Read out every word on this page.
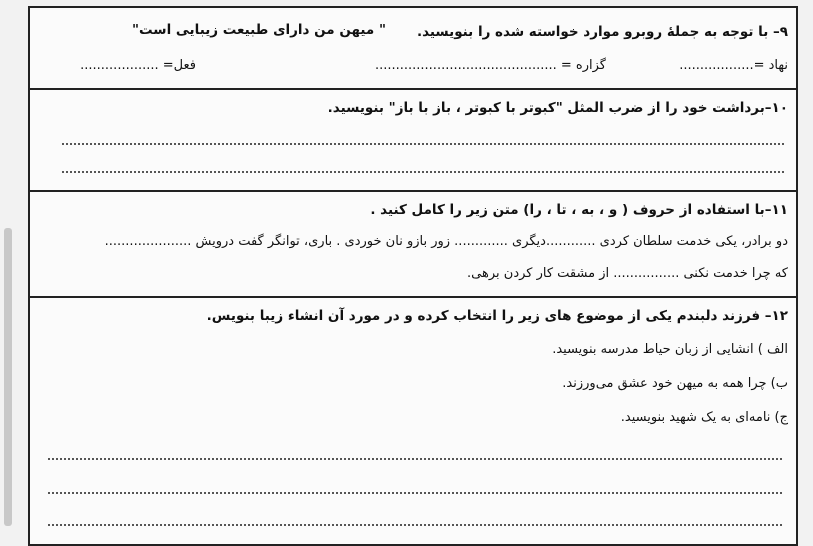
۹– با توجه به جملهٔ روبرو موارد خواسته شده را بنویسید.
" میهن من دارای طبیعت زیبایی است"
نهاد =..................
گزاره = ............................................
فعل= ...................
۱۰–برداشت خود را از ضرب المثل "کبوتر با کبوتر ، باز با باز" بنویسید.
۱۱–با استفاده از حروف ( و ، به ، تا ، را) متن زیر را کامل کنید .
دو برادر، یکی خدمت سلطان کردی ............دیگری ............. زور بازو نان خوردی . باری، توانگر گفت درویش .....................
که چرا خدمت نکنی ................ از مشقت کار کردن برهی.
۱۲– فرزند دلبندم یکی از موضوع های زیر را انتخاب کرده و در مورد آن انشاء زیبا بنویس.
الف ) انشایی از زبان حیاط مدرسه بنویسید.
ب) چرا همه به میهن خود عشق می‌ورزند.
ج) نامه‌ای به یک شهید بنویسید.
